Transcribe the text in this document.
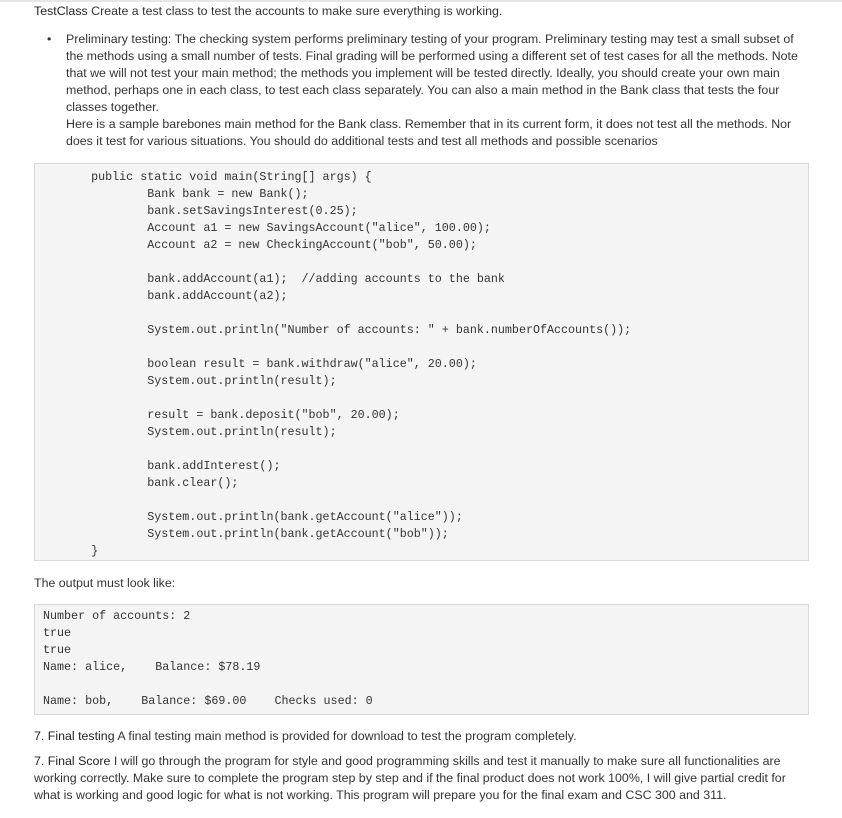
TestClass Create a test class to test the accounts to make sure everything is working.
• Preliminary testing: The checking system performs preliminary testing of your program. Preliminary testing may test a small subset of the methods using a small number of tests. Final grading will be performed using a different set of test cases for all the methods. Note that we will not test your main method; the methods you implement will be tested directly. Ideally, you should create your own main method, perhaps one in each class, to test each class separately. You can also a main method in the Bank class that tests the four classes together.

Here is a sample barebones main method for the Bank class. Remember that in its current form, it does not test all the methods. Nor does it test for various situations. You should do additional tests and test all methods and possible scenarios

public static void main(String[] args) {
Bank bank = new Bank();
bank.setSavingsInterest(0.25);
Account a1 = new SavingsAccount("alice", 100.00);
Account a2 = new CheckingAccount("bob", 50.00);

bank.addAccount(a1);  //adding accounts to the bank
bank.addAccount(a2);

System.out.println("Number of accounts: " + bank.numberOfAccounts());

boolean result = bank.withdraw("alice", 20.00);
System.out.println(result);

result = bank.deposit("bob", 20.00);
System.out.println(result);

bank.addInterest();
bank.clear();

System.out.println(bank.getAccount("alice"));
System.out.println(bank.getAccount("bob"));
}
The output must look like:
Number of accounts: 2
true
true
Name: alice,    Balance: $78.19

Name: bob,    Balance: $69.00    Checks used: 0
7. Final testing A final testing main method is provided for download to test the program completely.
7. Final Score I will go through the program for style and good programming skills and test it manually to make sure all functionalities are working correctly. Make sure to complete the program step by step and if the final product does not work 100%, I will give partial credit for what is working and good logic for what is not working. This program will prepare you for the final exam and CSC 300 and 311.
